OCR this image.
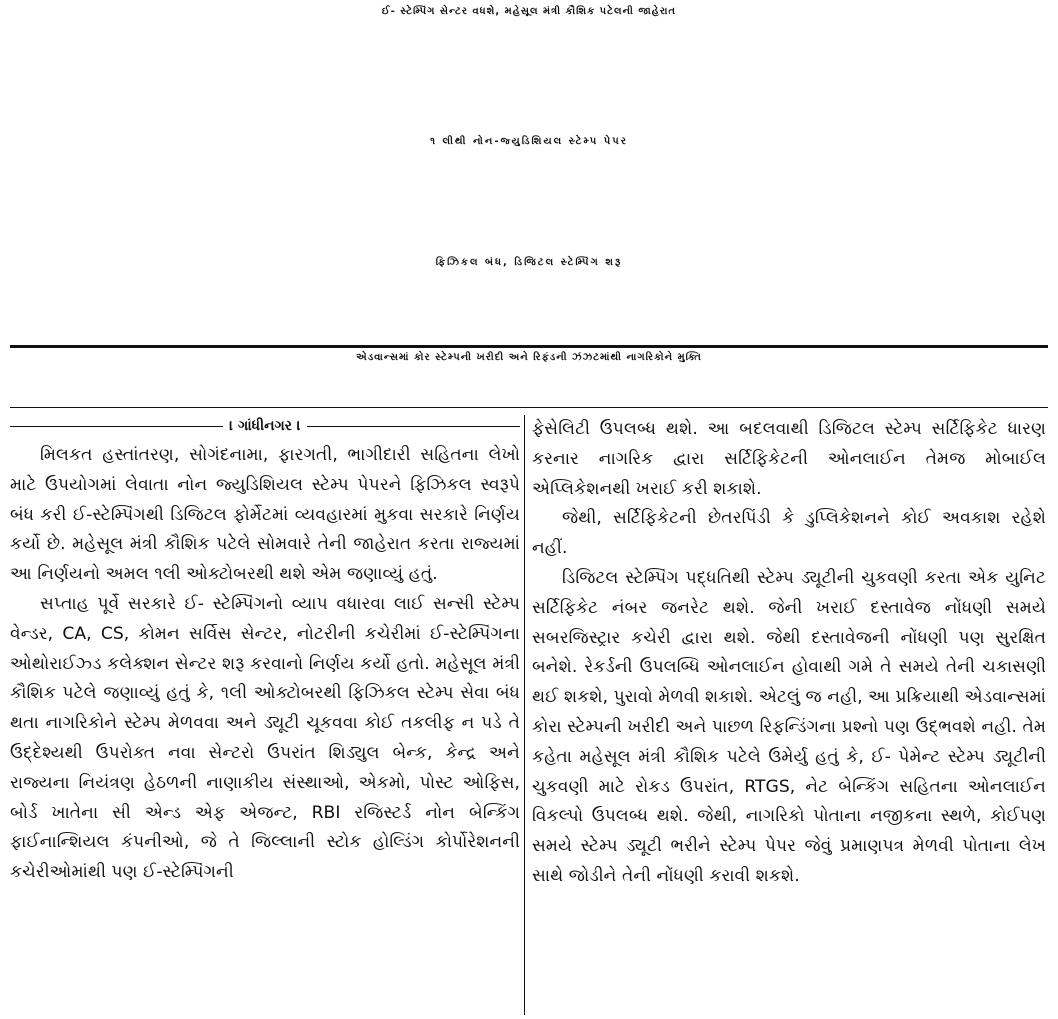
ઈ- સ્ટેમ્પિંગ સેન્ટર વધશે, મહેસૂલ મંત્રી કૌશિક પટેલની જાહેરાત
૧ લીથી નોન-જ્યુડિશિયલ સ્ટેમ્પ પેપર
ફિઝિકલ બંધ, ડિજિટલ સ્ટેમ્પિંગ શરૂ
એડવાન્સમાં કોર સ્ટેમ્પની ખરીદી અને રિફંડની ઝંઝટમાંથી નાગરિકોને મુક્તિ
। ગાંધીનગર ।

મિલકત હસ્તાંતરણ, સોગંદનામા, ફારગતી, ભાગીદારી સહિતના લેખો માટે ઉપયોગમાં લેવાતા નોન જ્યુડિશિયલ સ્ટેમ્પ પેપરને ફિઝિકલ સ્વરૂપે બંધ કરી ઈ-સ્ટેમ્પિંગથી ડિજિટલ ફોર્મેટમાં વ્યવહારમાં મુકવા સરકારે નિર્ણય કર્યો છે. મહેસૂલ મંત્રી કૌશિક પટેલે સોમવારે તેની જાહેરાત કરતા રાજ્યમાં આ નિર્ણયનો અમલ ૧લી ઓક્ટોબરથી થશે એમ જણાવ્યું હતું.

સપ્તાહ પૂર્વે સરકારે ઈ- સ્ટેમ્પિંગનો વ્યાપ વધારવા લાઈ સન્સી સ્ટેમ્પ વેન્ડર, CA, CS, કોમન સર્વિસ સેન્ટર, નોટરીની કચેરીમાં ઈ-સ્ટેમ્પિંગના ઓથોરાઈઝ્ડ કલેક્શન સેન્ટર શરૂ કરવાનો નિર્ણય કર્યો હતો. મહેસૂલ મંત્રી કૌશિક પટેલે જણાવ્યું હતું કે, ૧લી ઓક્ટોબરથી ફિઝિકલ સ્ટેમ્પ સેવા બંધ થતા નાગરિકોને સ્ટેમ્પ મેળવવા અને ડ્યૂટી ચૂકવવા કોઈ તકલીફ ન પડે તે ઉદ્દેશ્યથી ઉપરોક્ત નવા સેન્ટરો ઉપરાંત શિડ્યુલ બેન્ક, કેન્દ્ર અને રાજ્યના નિયંત્રણ હેઠળની નાણાકીય સંસ્થાઓ, એકમો, પોસ્ટ ઓફિસ, બોર્ડ ખાતેના સી એન્ડ એફ એજન્ટ, RBI રજિસ્ટર્ડ નોન બેન્કિંગ ફાઈનાન્શિયલ કંપનીઓ, જે તે જિલ્લાની સ્ટોક હોલ્ડિંગ કોર્પોરેશનની કચેરીઓમાંથી પણ ઈ-સ્ટેમ્પિંગની

ફેસેલિટી ઉપલબ્ધ થશે. આ બદલવાથી ડિજિટલ સ્ટેમ્પ સર્ટિફિકેટ ધારણ કરનાર નાગરિક દ્વારા સર્ટિફિકેટની ઓનલાઈન તેમજ મોબાઈલ એપ્લિકેશનથી ખરાઈ કરી શકાશે.

જેથી, સર્ટિફિકેટની છેતરપિંડી કે ડુપ્લિકેશનને કોઈ અવકાશ રહેશે નહીં.

ડિજિટલ સ્ટેમ્પિંગ પદ્ધતિથી સ્ટેમ્પ ડ્યૂટીની ચુકવણી કરતા એક યુનિટ સર્ટિફિકેટ નંબર જનરેટ થશે. જેની ખરાઈ દસ્તાવેજ નોંધણી સમયે સબરજિસ્ટ્રાર કચેરી દ્વારા થશે. જેથી દસ્તાવેજની નોંધણી પણ સુરક્ષિત બનેશે. રેકર્ડની ઉપલબ્ધિ ઓનલાઈન હોવાથી ગમે તે સમયે તેની ચકાસણી થઈ શકશે, પુરાવો મેળવી શકાશે. એટલું જ નહી, આ પ્રક્રિયાથી એડવાન્સમાં કોરા સ્ટેમ્પની ખરીદી અને પાછળ રિફન્ડિંગના પ્રશ્નો પણ ઉદ્‌ભવશે નહી. તેમ કહેતા મહેસૂલ મંત્રી કૌશિક પટેલે ઉમેર્યુ હતું કે, ઈ- પેમેન્ટ સ્ટેમ્પ ડ્યૂટીની ચુકવણી માટે રોકડ ઉપરાંત, RTGS, નેટ બેન્કિંગ સહિતના ઓનલાઈન વિકલ્પો ઉપલબ્ધ થશે. જેથી, નાગરિકો પોતાના નજીકના સ્થળે, કોઈપણ સમયે સ્ટેમ્પ ડ્યૂટી ભરીને સ્ટેમ્પ પેપર જેવું પ્રમાણપત્ર મેળવી પોતાના લેખ સાથે જોડીને તેની નોંધણી કરાવી શકશે.
